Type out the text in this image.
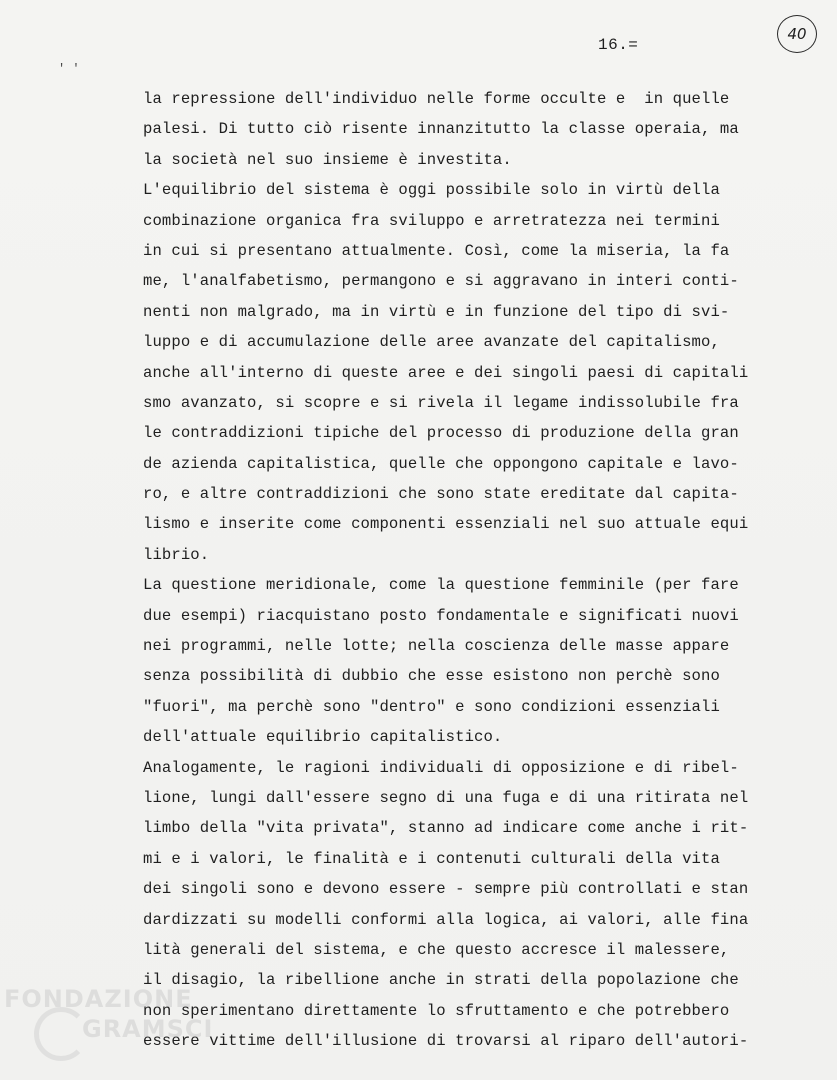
' '
16.=
40
la repressione dell'individuo nelle forme occulte e  in quelle
palesi. Di tutto ciò risente innanzitutto la classe operaia, ma
la società nel suo insieme è investita.
L'equilibrio del sistema è oggi possibile solo in virtù della
combinazione organica fra sviluppo e arretratezza nei termini
in cui si presentano attualmente. Così, come la miseria, la fa
me, l'analfabetismo, permangono e si aggravano in interi conti-
nenti non malgrado, ma in virtù e in funzione del tipo di svi-
luppo e di accumulazione delle aree avanzate del capitalismo,
anche all'interno di queste aree e dei singoli paesi di capitali
smo avanzato, si scopre e si rivela il legame indissolubile fra
le contraddizioni tipiche del processo di produzione della gran
de azienda capitalistica, quelle che oppongono capitale e lavo-
ro, e altre contraddizioni che sono state ereditate dal capita-
lismo e inserite come componenti essenziali nel suo attuale equi
librio.
La questione meridionale, come la questione femminile (per fare
due esempi) riacquistano posto fondamentale e significati nuovi
nei programmi, nelle lotte; nella coscienza delle masse appare
senza possibilità di dubbio che esse esistono non perchè sono
"fuori", ma perchè sono "dentro" e sono condizioni essenziali
dell'attuale equilibrio capitalistico.
Analogamente, le ragioni individuali di opposizione e di ribel-
lione, lungi dall'essere segno di una fuga e di una ritirata nel
limbo della "vita privata", stanno ad indicare come anche i rit-
mi e i valori, le finalità e i contenuti culturali della vita
dei singoli sono e devono essere - sempre più controllati e stan
dardizzati su modelli conformi alla logica, ai valori, alle fina
lità generali del sistema, e che questo accresce il malessere,
il disagio, la ribellione anche in strati della popolazione che
non sperimentano direttamente lo sfruttamento e che potrebbero
essere vittime dell'illusione di trovarsi al riparo dell'autori-
FONDAZIONE
GRAMSCI
